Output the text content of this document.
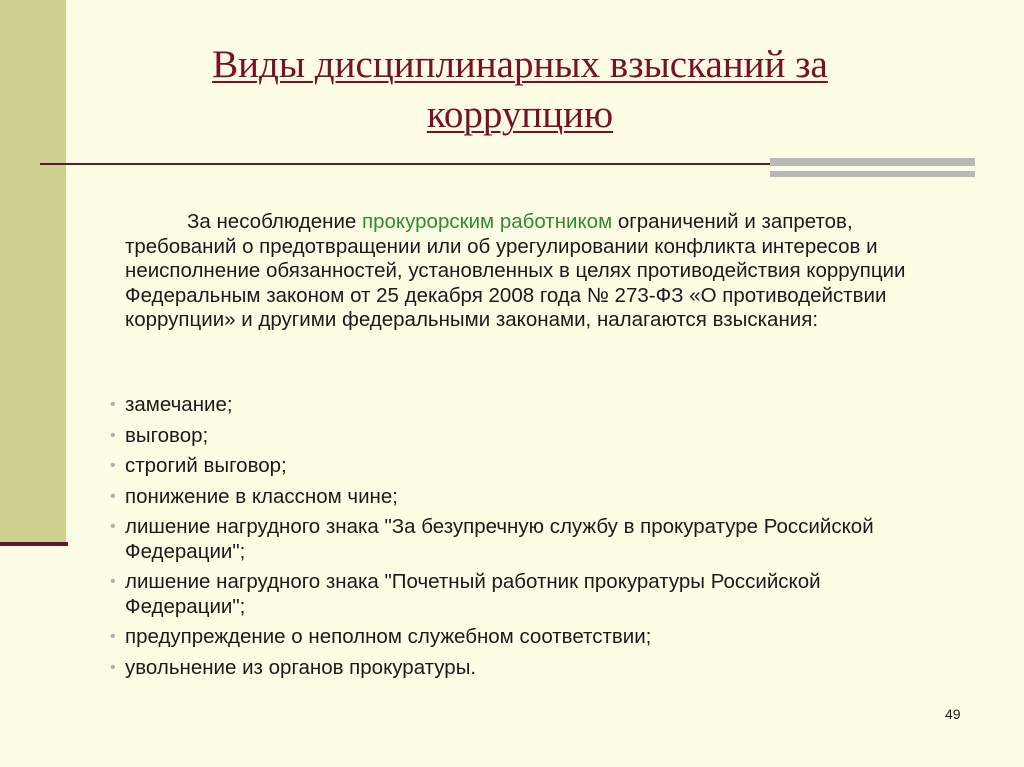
Виды дисциплинарных взысканий за коррупцию
За несоблюдение прокурорским работником ограничений и запретов, требований о предотвращении или об урегулировании конфликта интересов и неисполнение обязанностей, установленных в целях противодействия коррупции Федеральным законом от 25 декабря 2008 года № 273-ФЗ «О противодействии коррупции» и другими федеральными законами, налагаются взыскания:
• замечание;
• выговор;
• строгий выговор;
• понижение в классном чине;
• лишение нагрудного знака "За безупречную службу в прокуратуре Российской Федерации";
• лишение нагрудного знака "Почетный работник прокуратуры Российской Федерации";
• предупреждение о неполном служебном соответствии;
• увольнение из органов прокуратуры.
49
